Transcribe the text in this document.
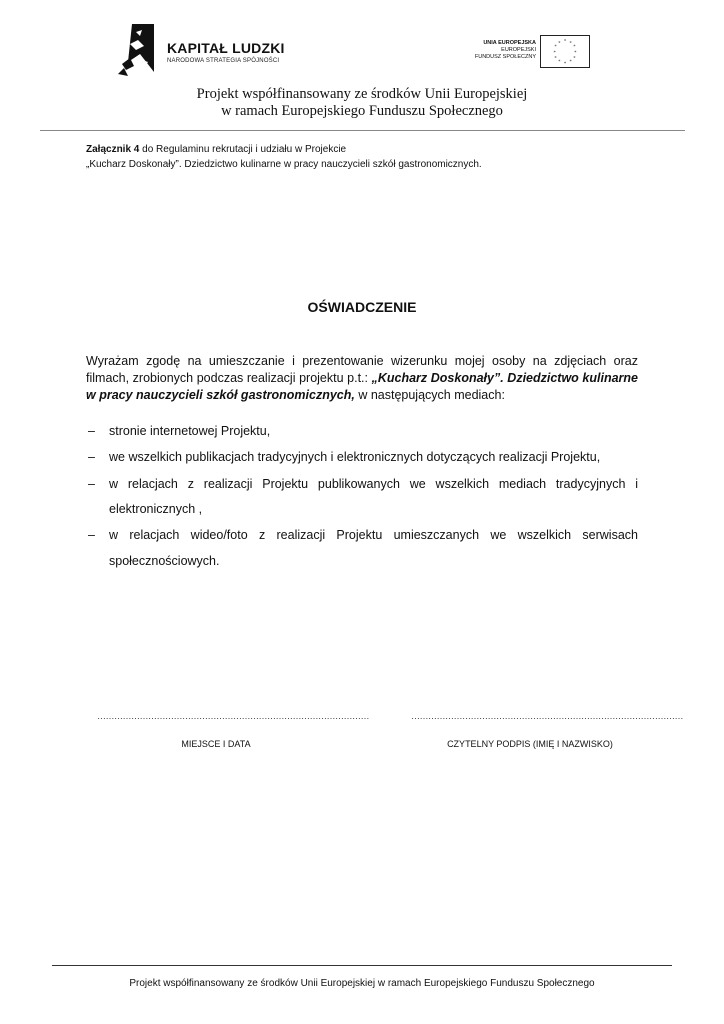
KAPITAŁ LUDZKI
NARODOWA STRATEGIA SPÓJNOŚCI
UNIA EUROPEJSKA
EUROPEJSKI
FUNDUSZ SPOŁECZNY
* *
*
*
*
*
*
*
*
*
*
*
Projekt współfinansowany ze środków Unii Europejskiej
w ramach Europejskiego Funduszu Społecznego
Załącznik 4 do Regulaminu rekrutacji i udziału w Projekcie
„Kucharz Doskonały”. Dziedzictwo kulinarne w pracy nauczycieli szkół gastronomicznych.
OŚWIADCZENIE
Wyrażam zgodę na umieszczanie i prezentowanie wizerunku mojej osoby na zdjęciach oraz filmach, zrobionych podczas realizacji projektu p.t.: „Kucharz Doskonały”. Dziedzictwo kulinarne w pracy nauczycieli szkół gastronomicznych, w następujących mediach:
– stronie internetowej Projektu,
– we wszelkich publikacjach tradycyjnych i elektronicznych dotyczących realizacji Projektu,
– w relacjach z realizacji Projektu publikowanych we wszelkich mediach tradycyjnych i
elektronicznych ,
– w relacjach wideo/foto z realizacji Projektu umieszczanych we wszelkich serwisach
społecznościowych.
……………………………………………………………………………………	……………………………………………………………………………………
MIEJSCE I DATA	CZYTELNY PODPIS (IMIĘ I NAZWISKO)
Projekt współfinansowany ze środków Unii Europejskiej w ramach Europejskiego Funduszu Społecznego
